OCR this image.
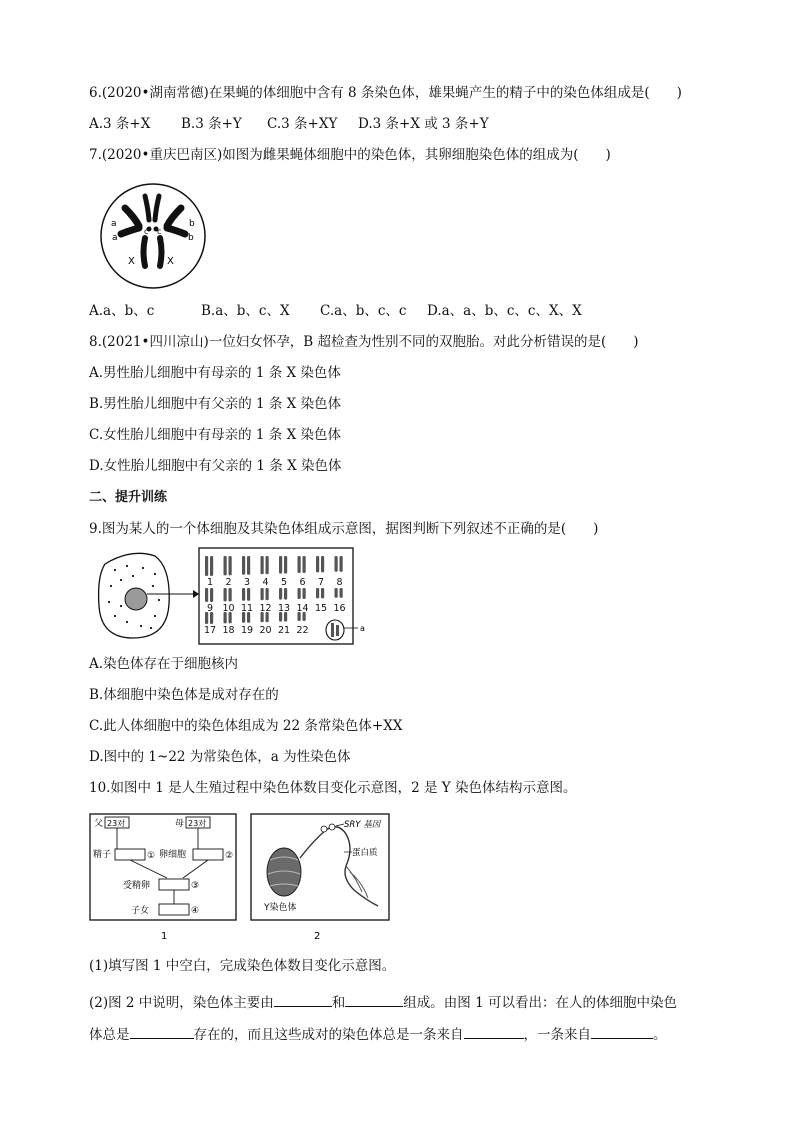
6.(2020•湖南常德)在果蝇的体细胞中含有 8 条染色体，雄果蝇产生的精子中的染色体组成是(　　)
A.3 条+X B.3 条+Y C.3 条+XY D.3 条+X 或 3 条+Y
7.(2020•重庆巴南区)如图为雌果蝇体细胞中的染色体，其卵细胞染色体的组成为(　　)
a
a
b
b
c c
X	X
A.a、b、c	B.a、b、c、X C.a、b、c、c D.a、a、b、c、c、X、X
8.(2021•四川凉山)一位妇女怀孕，B 超检查为性别不同的双胞胎。对此分析错误的是(　　)
A.男性胎儿细胞中有母亲的 1 条 X 染色体
B.男性胎儿细胞中有父亲的 1 条 X 染色体
C.女性胎儿细胞中有母亲的 1 条 X 染色体
D.女性胎儿细胞中有父亲的 1 条 X 染色体
二、提升训练
9.图为某人的一个体细胞及其染色体组成示意图，据图判断下列叙述不正确的是(　　)
1 2 3 4 5 6 7 8
9 10 11 12 13 14 15 16
17 18 19 20 21 22	a
A.染色体存在于细胞核内
B.体细胞中染色体是成对存在的
C.此人体细胞中的染色体组成为 22 条常染色体+XX
D.图中的 1~22 为常染色体，a 为性染色体
10.如图中 1 是人生殖过程中染色体数目变化示意图，2 是 Y 染色体结构示意图。
父 23对	母 23对
精子	① 卵细胞	②
受精卵	③
子女	④
1
SRY 基因
蛋白质
Y染色体
2
(1)填写图 1 中空白，完成染色体数目变化示意图。
(2)图 2 中说明，染色体主要由	和	组成。由图 1 可以看出：在人的体细胞中染色
体总是	存在的，而且这些成对的染色体总是一条来自	，一条来自	。
